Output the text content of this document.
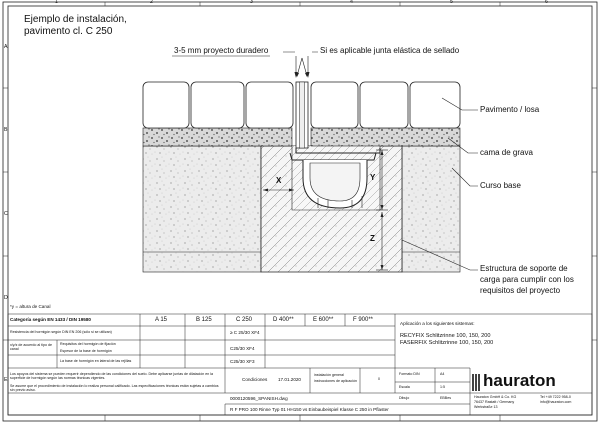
1	2	3	4	5	6
A
B
C
D
E
Ejemplo de instalación,
pavimento cl. C 250
3-5 mm proyecto duradero	Si es aplicable junta elástica de sellado
Pavimento / losa
cama de grava
Curso base
Estructura de soporte de
carga para cumplir con los
requisitos del proyecto
X	Y
Z
*y = altura de Canal
Categoría según EN 1433 / DIN 19580	A 15	B 125	C 250	D 400**	E 600**	F 900**
Resistencia del hormigón según DIN EN 206 (sólo si se utilizan)	≥ C 25/30 XF4
x/y/z de acuerdo al tipo de canal
Requisitos del hormigón de fijación
Espesor de la base de hormigón	C25/30 XF4
La base de hormigón en lateral de las rejillas	C25/30 XF3
Los apoyos del sistema se pueden requerir dependiendo de las condiciones del suelo. Debe aplicarse juntas de dilatación en la superficie de hormigón según las normas técnicas vigentes.
Se asume que el procedimiento de instalación lo realiza personal calificado. Las especificaciones técnicas están sujetas a cambios sin previo aviso.
Condiciones 17.01.2020
instalación general
instrucciones de aplicación	0
Aplicación a los siguientes sistemas:
RECYFIX Schlitzrinne 100, 150, 200
FASERFIX Schlitzrinne 100, 150, 200
Formato DIN	A4
Escala	1:5
Dibujo	EBBes
hauraton
Hauraton GmbH & Co. KG
76437 Rastatt / Germany
Werkstraße 13
Tel +49 7222 958-0
info@hauraton.com
0000120596_SPANISH.dwg
R F PRO 100 Rinne Typ 01 HH150 vs Einbaubeispiel Klasse C 250 in Pflaster
